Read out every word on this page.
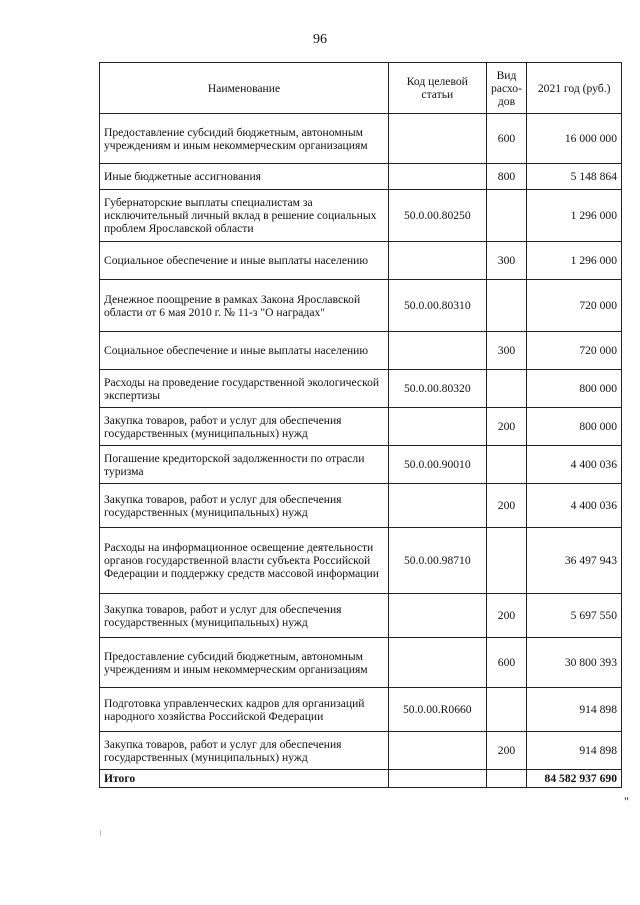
96
Наименование	Код целевой статьи	Вид расхо-дов	2021 год (руб.)
Предоставление субсидий бюджетным, автономным учреждениям и иным некоммерческим организациям		600	16 000 000
Иные бюджетные ассигнования		800	5 148 864
Губернаторские выплаты специалистам за исключительный личный вклад в решение социальных проблем Ярославской области	50.0.00.80250		1 296 000
Социальное обеспечение и иные выплаты населению		300	1 296 000
Денежное поощрение в рамках Закона Ярославской области от 6 мая 2010 г. № 11-з "О наградах"	50.0.00.80310		720 000
Социальное обеспечение и иные выплаты населению		300	720 000
Расходы на проведение государственной экологической экспертизы	50.0.00.80320		800 000
Закупка товаров, работ и услуг для обеспечения государственных (муниципальных) нужд		200	800 000
Погашение кредиторской задолженности по отрасли туризма	50.0.00.90010		4 400 036
Закупка товаров, работ и услуг для обеспечения государственных (муниципальных) нужд		200	4 400 036
Расходы на информационное освещение деятельности органов государственной власти субъекта Российской Федерации и поддержку средств массовой информации	50.0.00.98710		36 497 943
Закупка товаров, работ и услуг для обеспечения государственных (муниципальных) нужд		200	5 697 550
Предоставление субсидий бюджетным, автономным учреждениям и иным некоммерческим организациям		600	30 800 393
Подготовка управленческих кадров для организаций народного хозяйства Российской Федерации	50.0.00.R0660		914 898
Закупка товаров, работ и услуг для обеспечения государственных (муниципальных) нужд		200	914 898
Итого			84 582 937 690
"
